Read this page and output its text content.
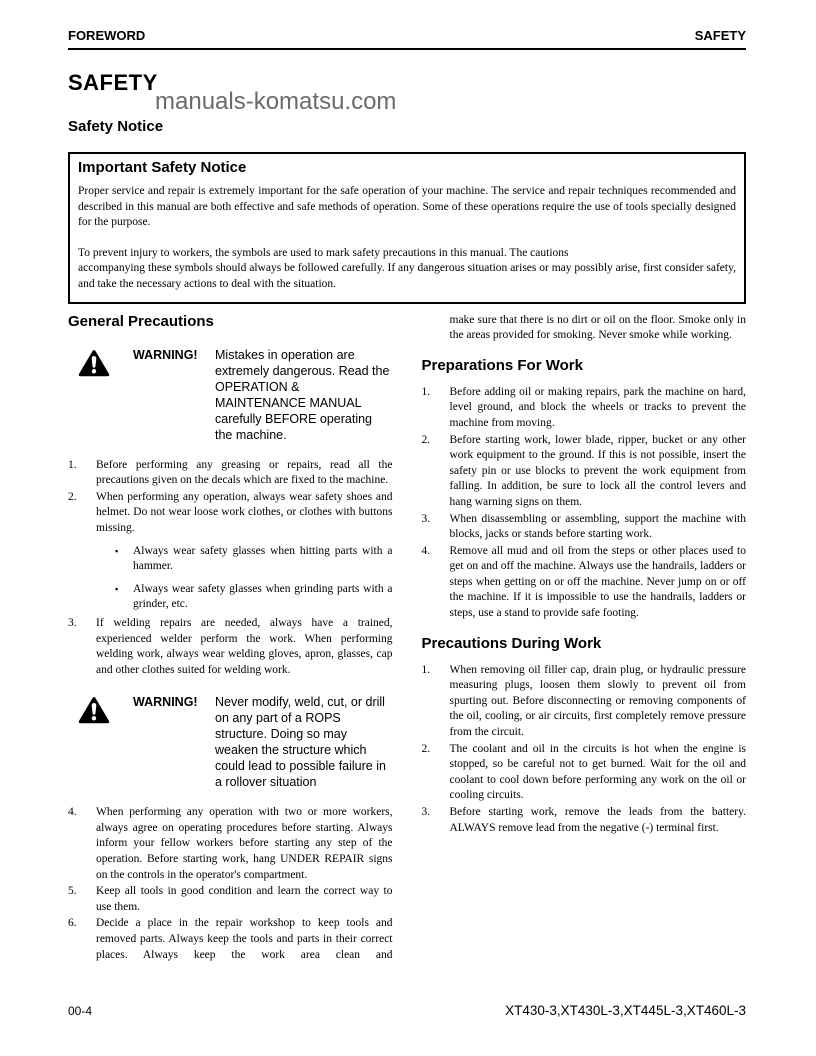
FOREWORD	SAFETY
SAFETY
manuals-komatsu.com
Safety Notice
Important Safety Notice
Proper service and repair is extremely important for the safe operation of your machine. The service and repair techniques recommended and described in this manual are both effective and safe methods of operation. Some of these operations require the use of tools specially designed for the purpose.
To prevent injury to workers, the symbols are used to mark safety precautions in this manual. The cautions
accompanying these symbols should always be followed carefully. If any dangerous situation arises or may possibly arise, first consider safety, and take the necessary actions to deal with the situation.
General Precautions
WARNING!	Mistakes in operation are extremely dangerous. Read the OPERATION & MAINTENANCE MANUAL carefully BEFORE operating the machine.
1.	Before performing any greasing or repairs, read all the precautions given on the decals which are fixed to the machine.
2.	When performing any operation, always wear safety shoes and helmet. Do not wear loose work clothes, or clothes with buttons missing.
▪	Always wear safety glasses when hitting parts with a hammer.
▪	Always wear safety glasses when grinding parts with a grinder, etc.
3.	If welding repairs are needed, always have a trained, experienced welder perform the work. When performing welding work, always wear welding gloves, apron, glasses, cap and other clothes suited for welding work.
WARNING!	Never modify, weld, cut, or drill on any part of a ROPS structure. Doing so may weaken the structure which could lead to possible failure in a rollover situation
4.	When performing any operation with two or more workers, always agree on operating procedures before starting. Always inform your fellow workers before starting any step of the operation. Before starting work, hang UNDER REPAIR signs on the controls in the operator's compartment.
5.	Keep all tools in good condition and learn the correct way to use them.
6.	Decide a place in the repair workshop to keep tools and removed parts. Always keep the tools and parts in their correct places. Always keep the work area clean and
make sure that there is no dirt or oil on the floor. Smoke only in the areas provided for smoking. Never smoke while working.
Preparations For Work
1.	Before adding oil or making repairs, park the machine on hard, level ground, and block the wheels or tracks to prevent the machine from moving.
2.	Before starting work, lower blade, ripper, bucket or any other work equipment to the ground. If this is not possible, insert the safety pin or use blocks to prevent the work equipment from falling. In addition, be sure to lock all the control levers and hang warning signs on them.
3.	When disassembling or assembling, support the machine with blocks, jacks or stands before starting work.
4.	Remove all mud and oil from the steps or other places used to get on and off the machine. Always use the handrails, ladders or steps when getting on or off the machine. Never jump on or off the machine. If it is impossible to use the handrails, ladders or steps, use a stand to provide safe footing.
Precautions During Work
1.	When removing oil filler cap, drain plug, or hydraulic pressure measuring plugs, loosen them slowly to prevent oil from spurting out. Before disconnecting or removing components of the oil, cooling, or air circuits, first completely remove pressure from the circuit.
2.	The coolant and oil in the circuits is hot when the engine is stopped, so be careful not to get burned. Wait for the oil and coolant to cool down before performing any work on the oil or cooling circuits.
3.	Before starting work, remove the leads from the battery. ALWAYS remove lead from the negative (-) terminal first.
00-4	XT430-3,XT430L-3,XT445L-3,XT460L-3
